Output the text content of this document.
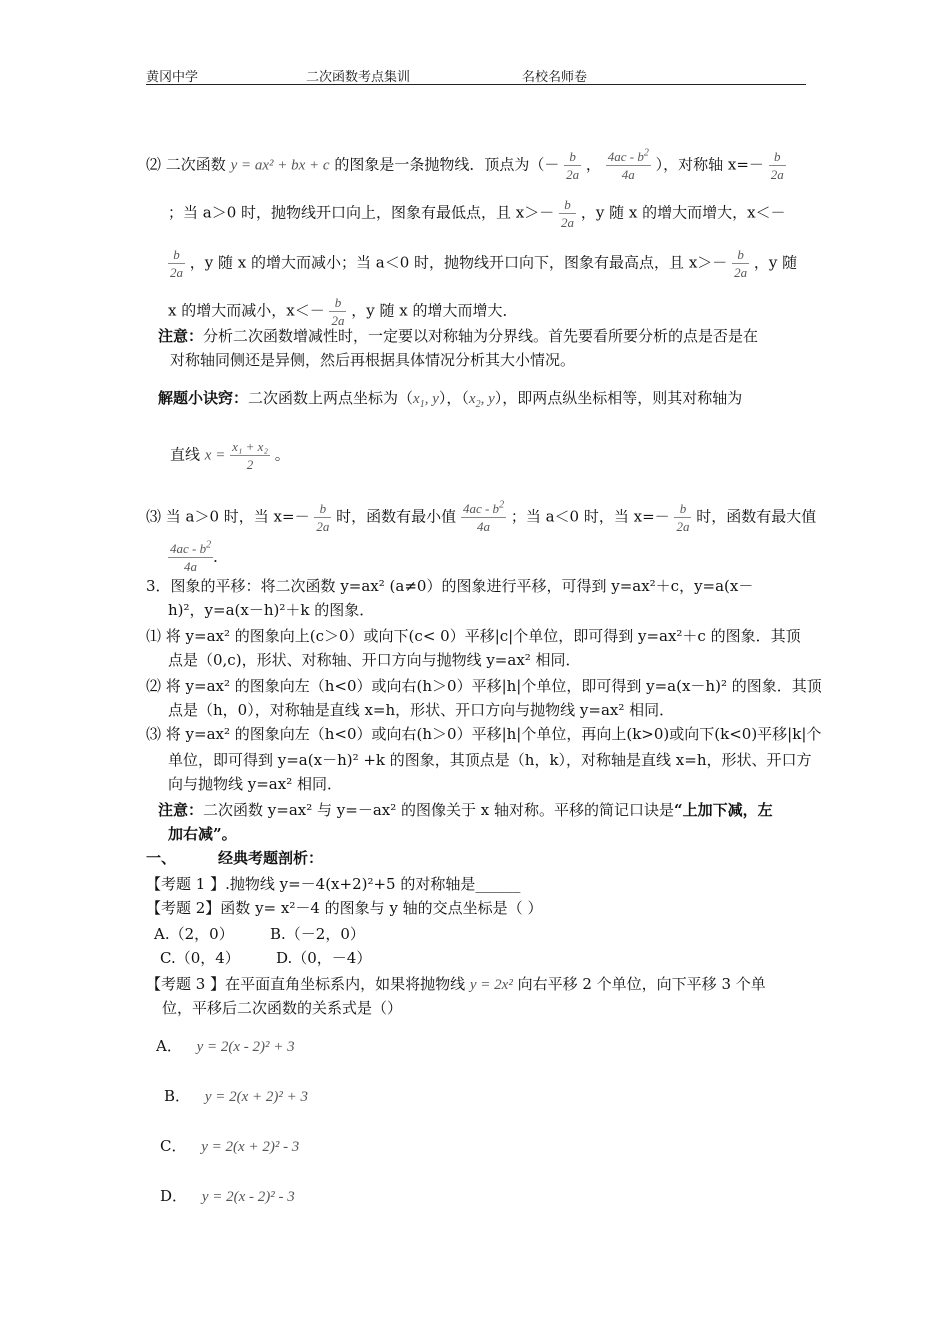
黄冈中学	二次函数考点集训	名校名师卷
⑵ 二次函数 y = ax² + bx + c 的图象是一条抛物线．顶点为（－ $\frac{b}{2a}$ ， $\frac{4ac - b^2}{4a}$ ），对称轴 $x=- \frac{b}{2a}$
；当 a＞0 时，抛物线开口向上，图象有最低点，且 $x>- \frac{b}{2a}$ ，y 随 x 的增大而增大，x＜－
$\frac{b}{2a}$ ，y 随 x 的增大而减小；当 a＜0 时，抛物线开口向下，图象有最高点，且 $x>- \frac{b}{2a}$ ，y 随
x 的增大而减小，$x<- \frac{b}{2a}$ ，y 随 x 的增大而增大．
注意：分析二次函数增减性时，一定要以对称轴为分界线。首先要看所要分析的点是否是在
对称轴同侧还是异侧，然后再根据具体情况分析其大小情况。
解题小诀窍：二次函数上两点坐标为（$x_1$, y），（$x_2$, y），即两点纵坐标相等，则其对称轴为
直线 $x = \frac{\text{x₁ + x₂}}{2}$ 。
⑶ 当 a＞0 时，当 $x=- \frac{b}{2a}$ 时，函数有最小值 $\frac{4ac - b^2}{4a}$ ；当 a＜0 时，当 $x=- \frac{b}{2a}$ 时，函数有最大值
$\frac{4ac - b^2}{4a}$ ．
3．图象的平移：将二次函数 y=ax² (a≠0）的图象进行平移，可得到 y=ax²＋c，y=a(x－
h)²，y=a(x－h)²＋k 的图象．
⑴ 将 y=ax² 的图象向上(c＞0）或向下(c< 0）平移|c|个单位，即可得到 y=ax²＋c 的图象．其顶
点是（0,c)，形状、对称轴、开口方向与抛物线 y=ax² 相同．
⑵ 将 y=ax² 的图象向左（h<0）或向右(h＞0）平移|h|个单位，即可得到 y=a(x－h)² 的图象．其顶
点是（h，0），对称轴是直线 x=h，形状、开口方向与抛物线 y=ax² 相同．
⑶ 将 y=ax² 的图象向左（h<0）或向右(h＞0）平移|h|个单位，再向上(k>0)或向下(k<0)平移|k|个
单位，即可得到 y=a(x－h)² +k 的图象，其顶点是（h，k），对称轴是直线 x=h，形状、开口方
向与抛物线 y=ax² 相同．
注意：二次函数 y=ax² 与 y=－ax² 的图像关于 x 轴对称。平移的简记口诀是“上加下减，左
加右减”。
一、	经典考题剖析：
【考题 1 】.抛物线 y=－4(x+2)²+5 的对称轴是______
【考题 2】函数 y= x²－4 的图象与 y 轴的交点坐标是（ ）
A.（2，0） B.（－2，0）
C.（0，4） D.（0，－4）
【考题 3 】在平面直角坐标系内，如果将抛物线 y = 2x² 向右平移 2 个单位，向下平移 3 个单
位，平移后二次函数的关系式是（）
A． y = 2(x - 2)² + 3
B． y = 2(x + 2)² + 3
C． y = 2(x + 2)² - 3
D． y = 2(x - 2)² - 3
